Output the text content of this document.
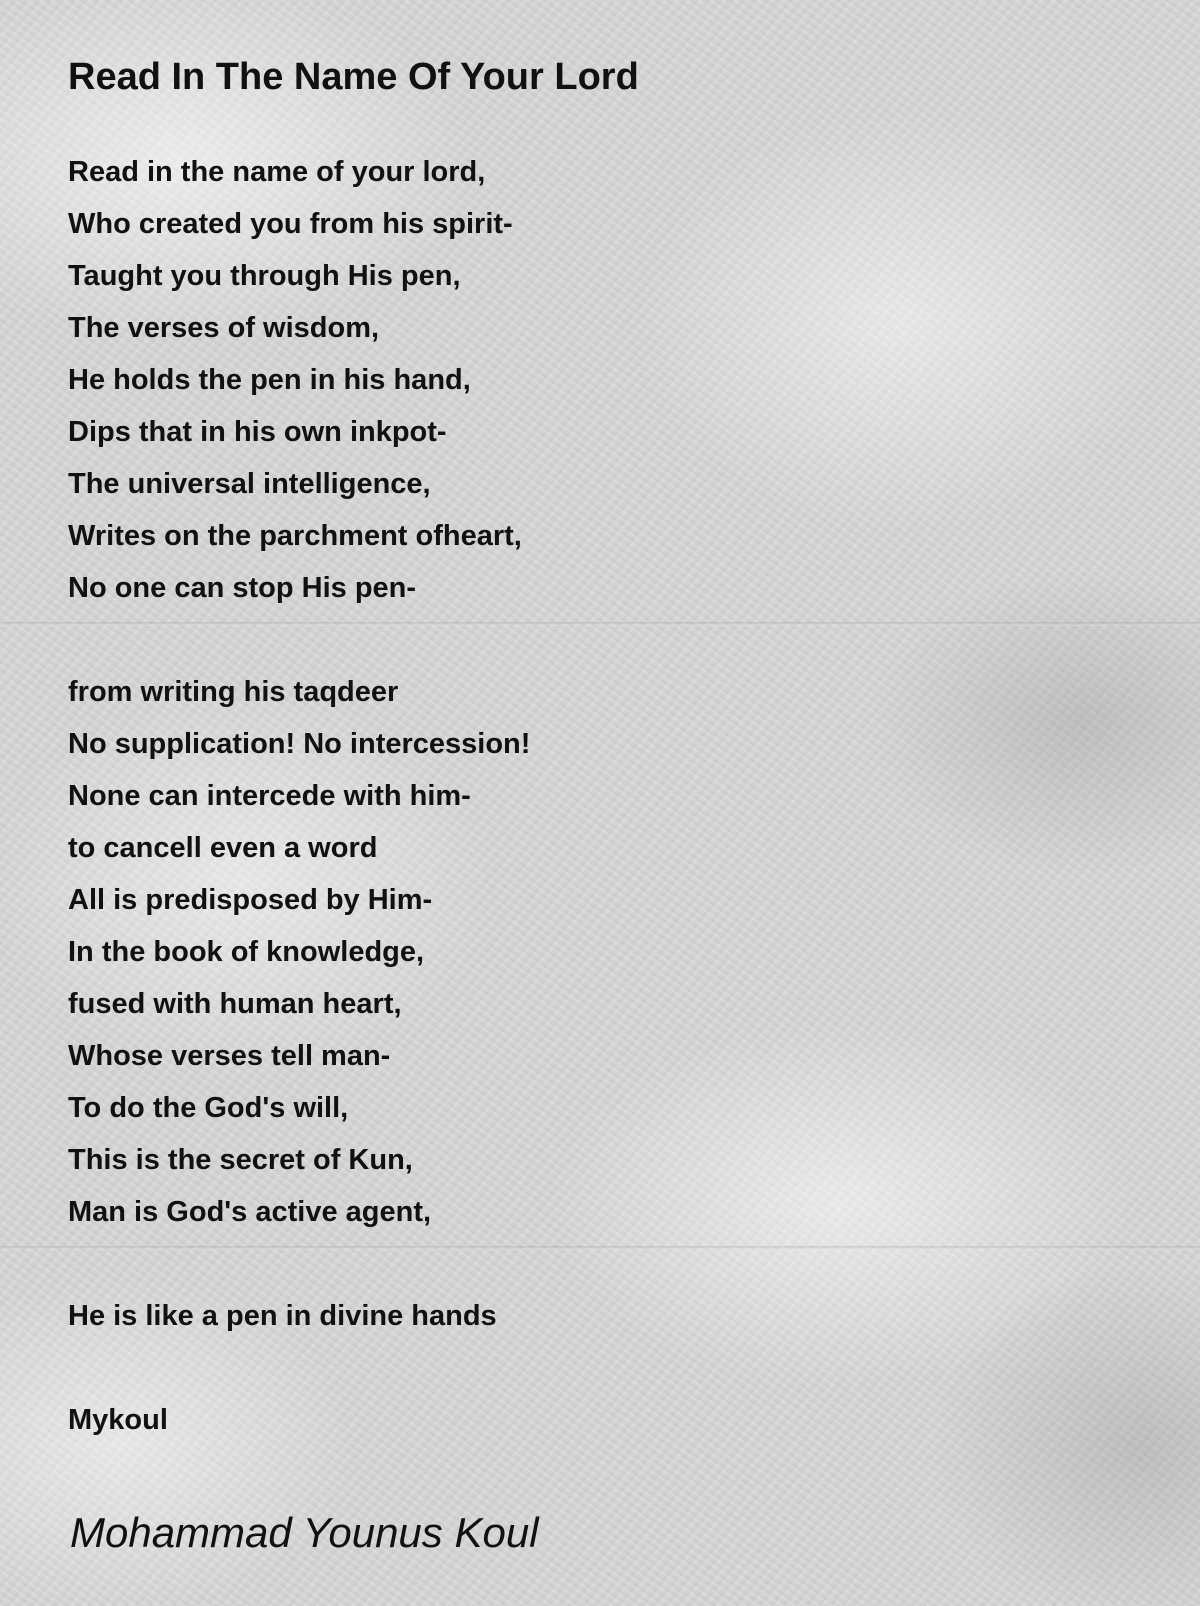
Read In The Name Of Your Lord
Read in the name of your lord,
Who created you from his spirit-
Taught you through His pen,
The verses of wisdom,
He holds the pen in his hand,
Dips that in his own inkpot-
The universal intelligence,
Writes on the parchment ofheart,
No one can stop His pen-
from writing his taqdeer
No supplication! No intercession!
None can intercede with him-
to cancell even a word
All is predisposed by Him-
In the book of knowledge,
fused with human heart,
Whose verses tell man-
To do the God's will,
This is the secret of Kun,
Man is God's active agent,
He is like a pen in divine hands
Mykoul
Mohammad Younus Koul
